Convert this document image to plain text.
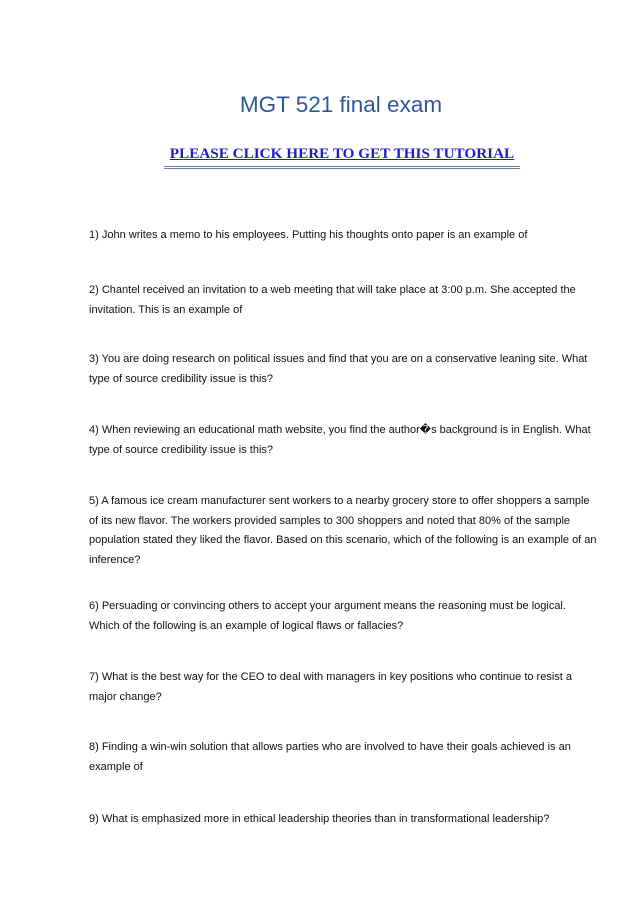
MGT 521 final exam
PLEASE CLICK HERE TO GET THIS TUTORIAL

1) John writes a memo to his employees. Putting his thoughts onto paper is an example of

2) Chantel received an invitation to a web meeting that will take place at 3:00 p.m. She accepted the invitation. This is an example of

3) You are doing research on political issues and find that you are on a conservative leaning site. What type of source credibility issue is this?

4) When reviewing an educational math website, you find the author�s background is in English. What type of source credibility issue is this?

5) A famous ice cream manufacturer sent workers to a nearby grocery store to offer shoppers a sample of its new flavor. The workers provided samples to 300 shoppers and noted that 80% of the sample population stated they liked the flavor. Based on this scenario, which of the following is an example of an inference?

6) Persuading or convincing others to accept your argument means the reasoning must be logical. Which of the following is an example of logical flaws or fallacies?

7) What is the best way for the CEO to deal with managers in key positions who continue to resist a major change?

8) Finding a win-win solution that allows parties who are involved to have their goals achieved is an example of

9) What is emphasized more in ethical leadership theories than in transformational leadership?
